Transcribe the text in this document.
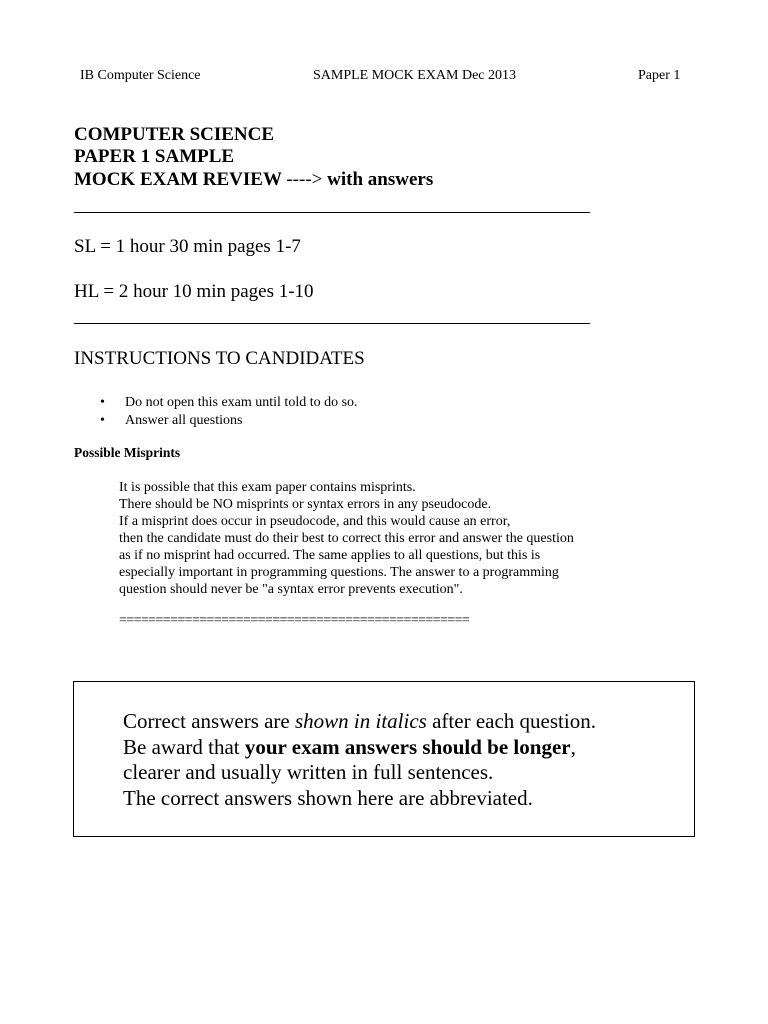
IB Computer Science	SAMPLE MOCK EXAM Dec 2013	Paper 1
COMPUTER SCIENCE
PAPER 1 SAMPLE
MOCK EXAM REVIEW ----> with answers
SL = 1 hour 30 min pages 1-7
HL = 2 hour 10 min pages 1-10
INSTRUCTIONS TO CANDIDATES
• Do not open this exam until told to do so.
• Answer all questions
Possible Misprints
It is possible that this exam paper contains misprints.
There should be NO misprints or syntax errors in any pseudocode.
If a misprint does occur in pseudocode, and this would cause an error,
then the candidate must do their best to correct this error and answer the question
as if no misprint had occurred. The same applies to all questions, but this is
especially important in programming questions. The answer to a programming
question should never be "a syntax error prevents execution".
================================================
Correct answers are shown in italics after each question.
Be award that your exam answers should be longer,
clearer and usually written in full sentences.
The correct answers shown here are abbreviated.
